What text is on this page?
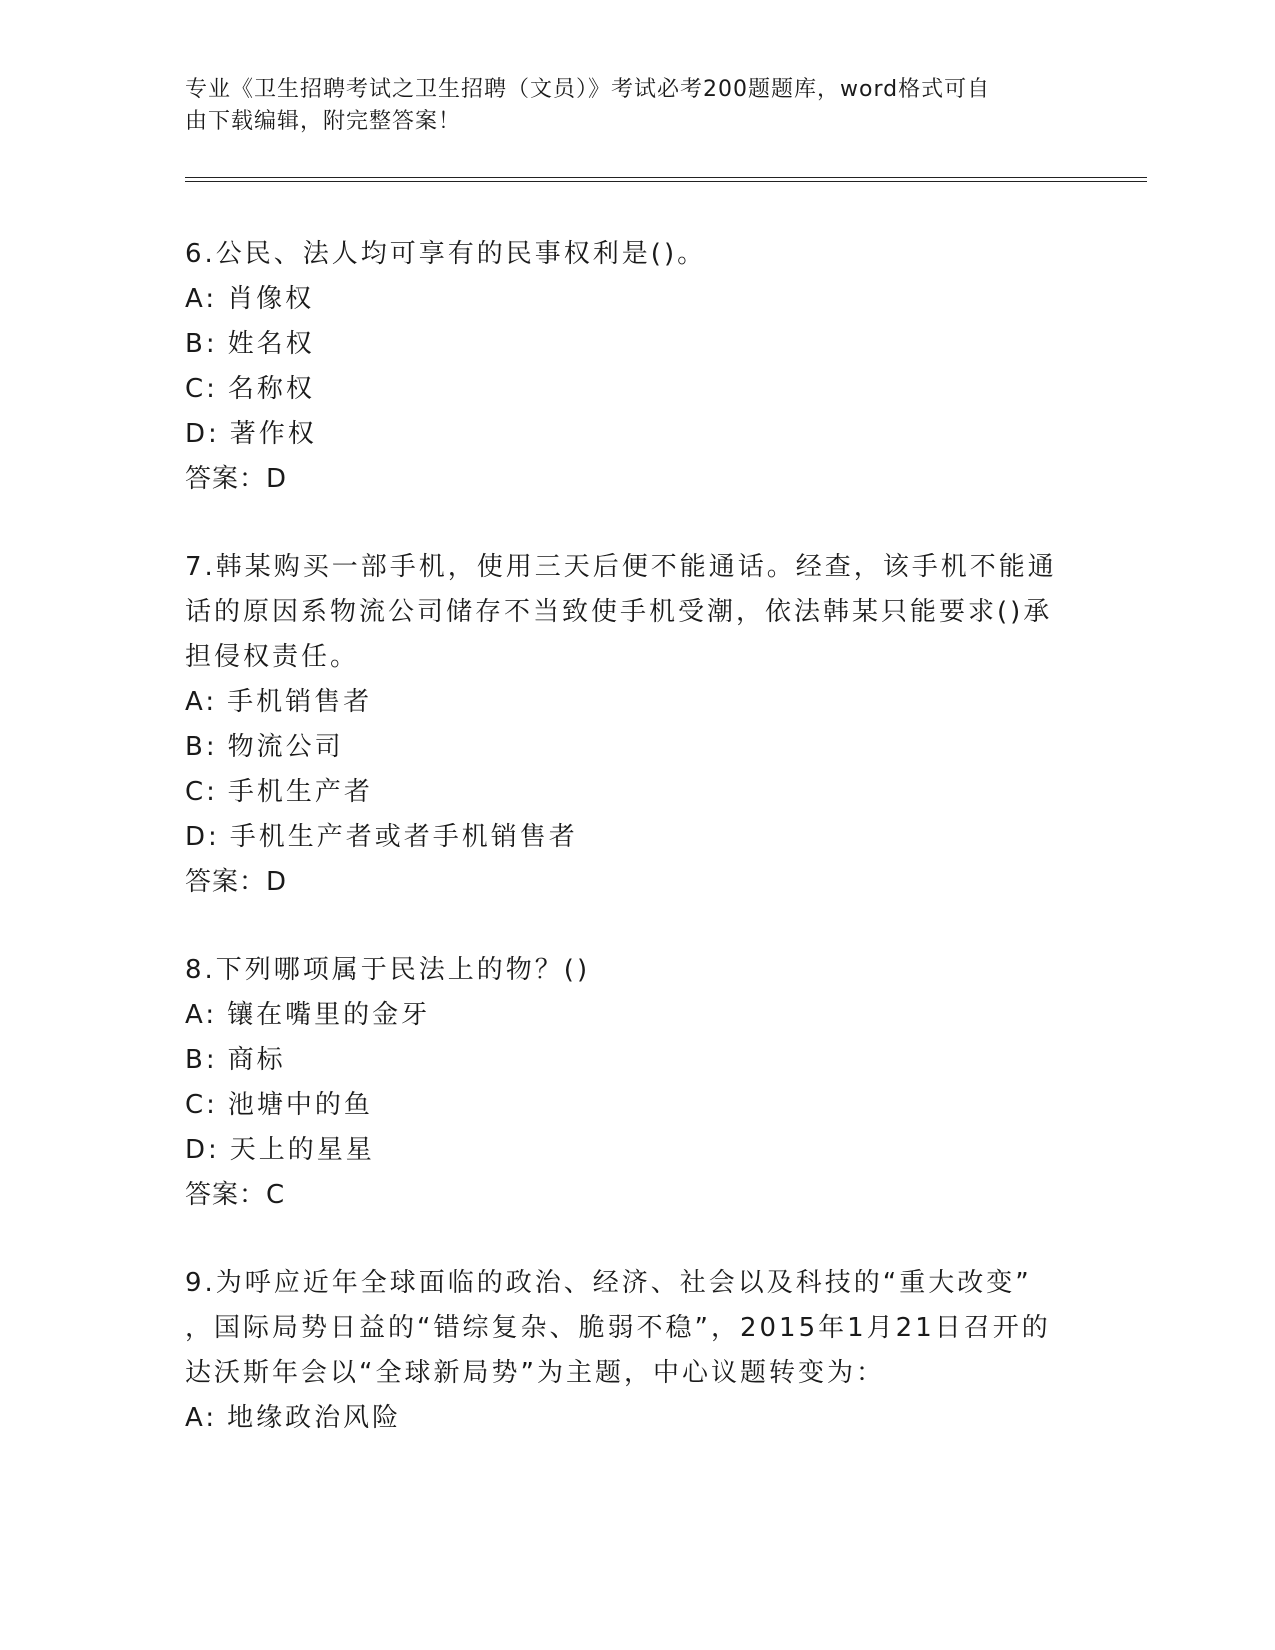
专业《卫生招聘考试之卫生招聘（文员）》考试必考200题题库，word格式可自
由下载编辑，附完整答案！
6.公民、法人均可享有的民事权利是()。
A: 肖像权
B: 姓名权
C: 名称权
D: 著作权
答案：D
7.韩某购买一部手机，使用三天后便不能通话。经查，该手机不能通
话的原因系物流公司储存不当致使手机受潮，依法韩某只能要求()承
担侵权责任。
A: 手机销售者
B: 物流公司
C: 手机生产者
D: 手机生产者或者手机销售者
答案：D
8.下列哪项属于民法上的物？()
A: 镶在嘴里的金牙
B: 商标
C: 池塘中的鱼
D: 天上的星星
答案：C
9.为呼应近年全球面临的政治、经济、社会以及科技的“重大改变”
，国际局势日益的“错综复杂、脆弱不稳”，2015年1月21日召开的
达沃斯年会以“全球新局势”为主题，中心议题转变为：
A: 地缘政治风险
